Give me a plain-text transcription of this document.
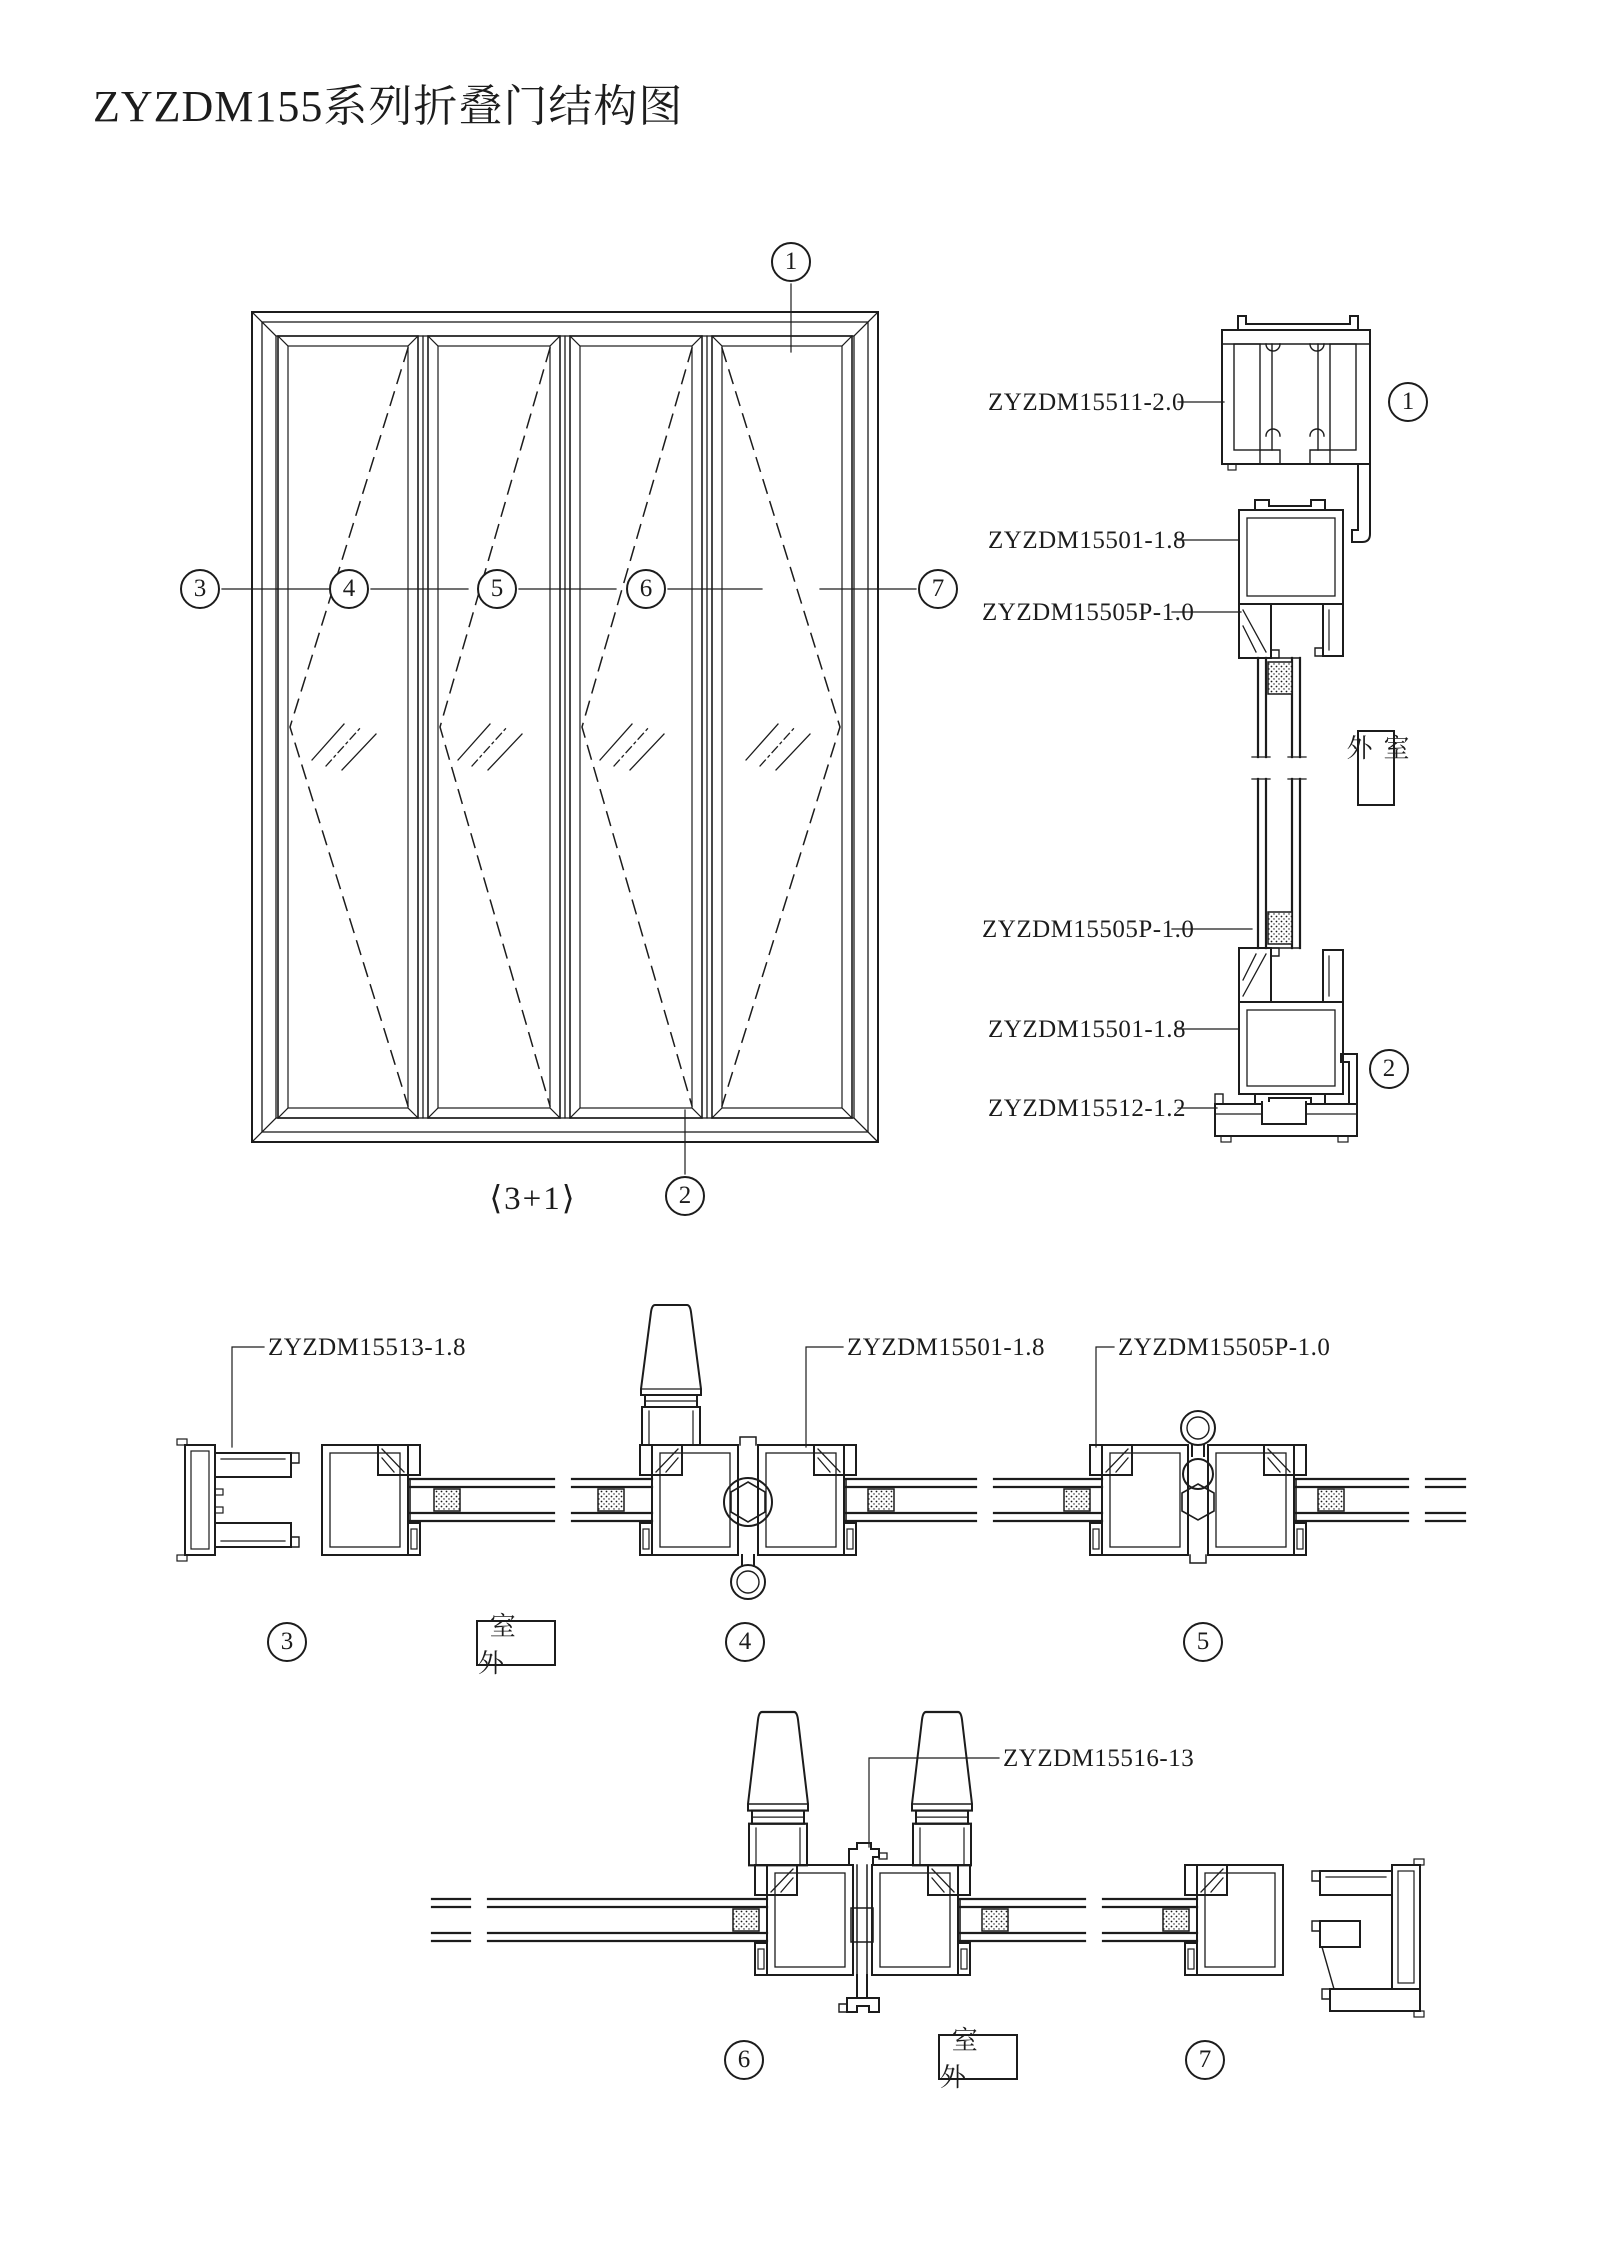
ZYZDM155系列折叠门结构图
ZYZDM15511-2.0
ZYZDM15501-1.8
ZYZDM15505P-1.0
ZYZDM15505P-1.0
ZYZDM15501-1.8
ZYZDM15512-1.2
ZYZDM15513-1.8	ZYZDM15501-1.8	ZYZDM15505P-1.0
ZYZDM15516-13
1
2
3	4	5	6	7
1
2
3	4	5
6	7
室外
室外
室外
⟨3+1⟩
